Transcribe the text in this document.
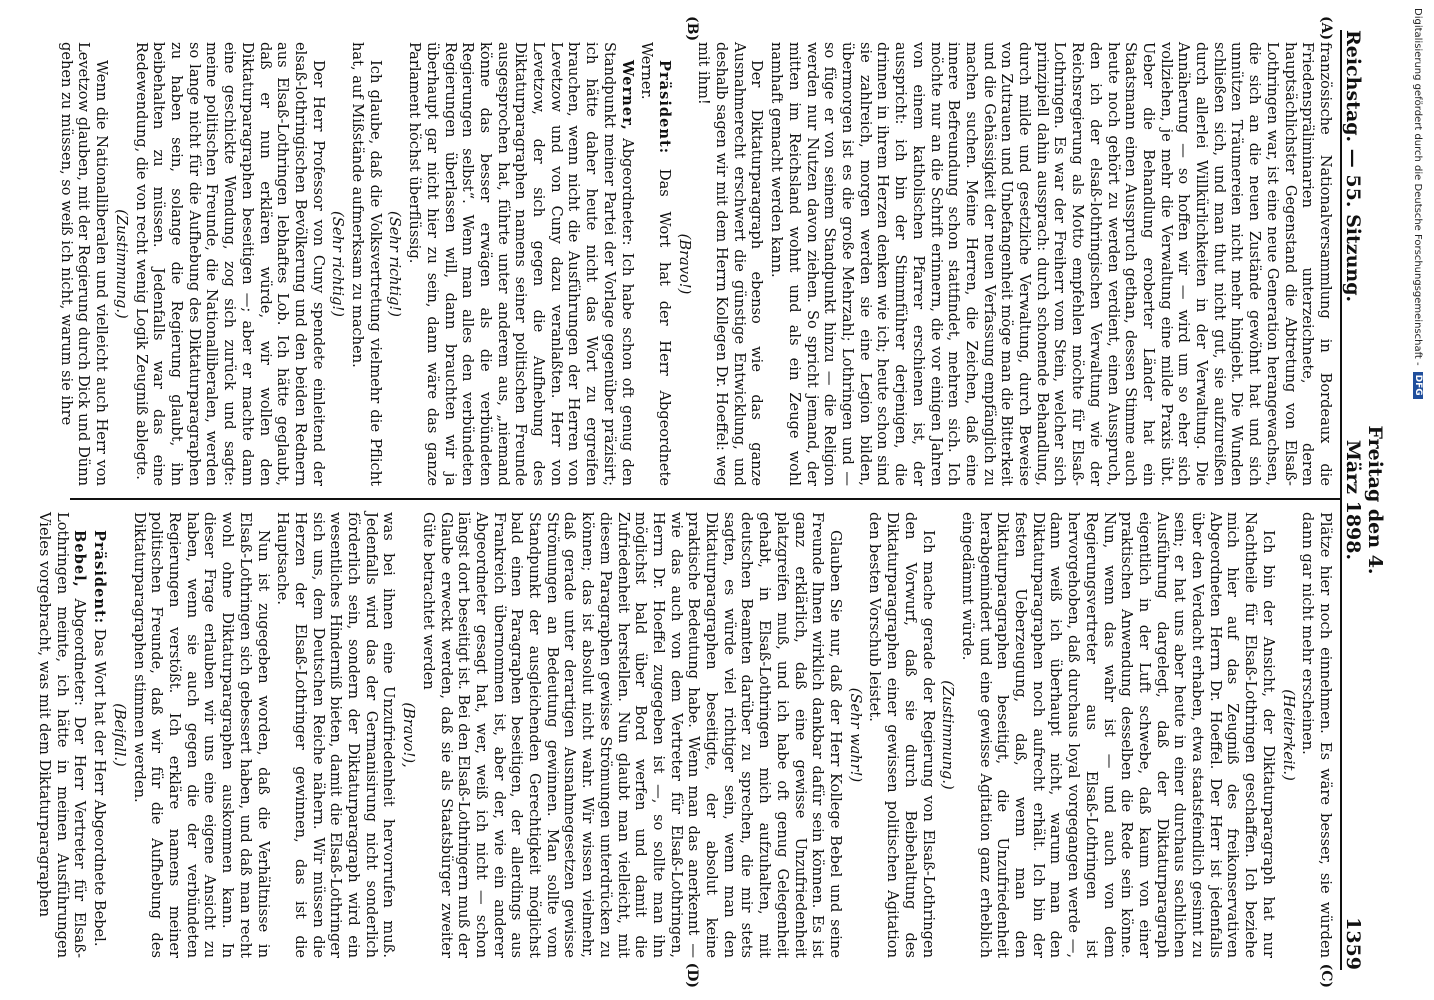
Reichstag. — 55. Sitzung.
Freitag den 4. März 1898.
1359
(A)
(B)

französische Nationalversammlung in Bordeaux die Friedenspräliminarien unterzeichnete, deren hauptsächlichster Gegenstand die Abtretung von Elsaß-Lothringen war, ist eine neue Generation herangewachsen, die sich an die neuen Zustände gewöhnt hat und sich unnützen Träumereien nicht mehr hingiebt. Die Wunden schließen sich, und man thut nicht gut, sie aufzureißen durch allerlei Willkürlichkeiten in der Verwaltung. Die Annäherung — so hoffen wir — wird um so eher sich vollziehen, je mehr die Verwaltung eine milde Praxis übt. Ueber die Behandlung eroberter Länder hat ein Staatsmann einen Ausspruch gethan, dessen Stimme auch heute noch gehört zu werden verdient, einen Ausspruch, den ich der elsaß-lothringischen Verwaltung wie der Reichsregierung als Motto empfehlen möchte für Elsaß-Lothringen. Es war der Freiherr vom Stein, welcher sich prinzipiell dahin aussprach: durch schonende Behandlung, durch milde und gesetzliche Verwaltung, durch Beweise von Zutrauen und Unbefangenheit möge man die Bitterkeit und die Gehässigkeit der neuen Verfassung empfänglich zu machen suchen. Meine Herren, die Zeichen, daß eine innere Befreundung schon stattfindet, mehren sich. Ich möchte nur an die Schrift erinnern, die vor einigen Jahren von einem katholischen Pfarrer erschienen ist, der ausspricht: ich bin der Stimmführer derjenigen, die drinnen in ihrem Herzen denken wie ich; heute schon sind sie zahlreich, morgen werden sie eine Legion bilden, übermorgen ist es die große Mehrzahl; Lothringen und — so füge er von seinem Standpunkt hinzu — die Religion werden nur Nutzen davon ziehen. So spricht jemand, der mitten im Reichsland wohnt und als ein Zeuge wohl namhaft gemacht werden kann.

Der Diktaturparagraph ebenso wie das ganze Ausnahmerecht erschwert die günstige Entwicklung, und deshalb sagen wir mit dem Herrn Kollegen Dr. Hoeffel: weg mit ihm!

(Bravo!)

Präsident: Das Wort hat der Herr Abgeordnete Werner.

Werner, Abgeordneter: Ich habe schon oft genug den Standpunkt meiner Partei der Vorlage gegenüber präzisirt; ich hätte daher heute nicht das Wort zu ergreifen brauchen, wenn nicht die Ausführungen der Herren von Levetzow und von Cuny dazu veranlaßten. Herr von Levetzow, der sich gegen die Aufhebung des Diktaturparagraphen namens seiner politischen Freunde ausgesprochen hat, führte unter anderem aus, „niemand könne das besser erwägen als die verbündeten Regierungen selbst“. Wenn man alles den verbündeten Regierungen überlassen will, dann brauchten wir ja überhaupt gar nicht hier zu sein, dann wäre das ganze Parlament höchst überflüssig.

(Sehr richtig!)

Ich glaube, daß die Volksvertretung vielmehr die Pflicht hat, auf Mißstände aufmerksam zu machen.

(Sehr richtig!)

Der Herr Professor von Cuny spendete einleitend der elsaß-lothringischen Bevölkerung und den beiden Rednern aus Elsaß-Lothringen lebhaftes Lob. Ich hätte geglaubt, daß er nun erklären würde, wir wollen den Diktaturparagraphen beseitigen —; aber er machte dann eine geschickte Wendung, zog sich zurück und sagte: meine politischen Freunde, die Nationalliberalen, werden so lange nicht für die Aufhebung des Diktaturparagraphen zu haben sein, solange die Regierung glaubt, ihn beibehalten zu müssen. Jedenfalls war das eine Redewendung, die von recht wenig Logik Zeugniß ablegte.

(Zustimmung.)

Wenn die Nationalliberalen und vielleicht auch Herr von Levetzow glauben, mit der Regierung durch Dick und Dünn gehen zu müssen, so weiß ich nicht, warum sie ihre

(C)
(D)

Plätze hier noch einnehmen. Es wäre besser, sie würden dann gar nicht mehr erscheinen.

(Heiterkeit.)

Ich bin der Ansicht, der Diktaturparagraph hat nur Nachtheile für Elsaß-Lothringen geschaffen. Ich beziehe mich hier auf das Zeugniß des freikonservativen Abgeordneten Herrn Dr. Hoeffel. Der Herr ist jedenfalls über den Verdacht erhaben, etwa staatsfeindlich gesinnt zu sein; er hat uns aber heute in einer durchaus sachlichen Ausführung dargelegt, daß der Diktaturparagraph eigentlich in der Luft schwebe, daß kaum von einer praktischen Anwendung desselben die Rede sein könne. Nun, wenn das wahr ist — und auch von dem Regierungsvertreter aus Elsaß-Lothringen ist hervorgehoben, daß durchaus loyal vorgegangen werde —, dann weiß ich überhaupt nicht, warum man den Diktaturparagraphen noch aufrecht erhält. Ich bin der festen Ueberzeugung, daß, wenn man den Diktaturparagraphen beseitigt, die Unzufriedenheit herabgemindert und eine gewisse Agitation ganz erheblich eingedämmt würde.

(Zustimmung.)

Ich mache gerade der Regierung von Elsaß-Lothringen den Vorwurf, daß sie durch Beibehaltung des Diktaturparagraphen einer gewissen politischen Agitation den besten Vorschub leistet.

(Sehr wahr!)

Glauben Sie nur, daß der Herr Kollege Bebel und seine Freunde Ihnen wirklich dankbar dafür sein können. Es ist ganz erklärlich, daß eine gewisse Unzufriedenheit platzgreifen muß, und ich habe oft genug Gelegenheit gehabt, in Elsaß-Lothringen mich aufzuhalten, mit deutschen Beamten darüber zu sprechen, die mir stets sagten, es würde viel richtiger sein, wenn man den Diktaturparagraphen beseitigte, der absolut keine praktische Bedeutung habe. Wenn man das anerkennt — wie das auch von dem Vertreter für Elsaß-Lothringen, Herrn Dr. Hoeffel zugegeben ist —, so sollte man ihn möglichst bald über Bord werfen und damit die Zufriedenheit herstellen. Nun glaubt man vielleicht, mit diesem Paragraphen gewisse Strömungen unterdrücken zu können; das ist absolut nicht wahr. Wir wissen vielmehr, daß gerade unter derartigen Ausnahmegesetzen gewisse Strömungen an Bedeutung gewinnen. Man sollte vom Standpunkt der ausgleichenden Gerechtigkeit möglichst bald einen Paragraphen beseitigen, der allerdings aus Frankreich übernommen ist, aber der, wie ein anderer Abgeordneter gesagt hat, wer, weiß ich nicht — schon längst dort beseitigt ist. Bei den Elsaß-Lothringern muß der Glaube erweckt werden, daß sie als Staatsbürger zweiter Güte betrachtet werden

(Bravo!),

was bei ihnen eine Unzufriedenheit hervorrufen muß. Jedenfalls wird das der Germanisirung nicht sonderlich förderlich sein, sondern der Diktaturparagraph wird ein wesentliches Hinderniß bieten, damit die Elsaß-Lothringer sich uns, dem Deutschen Reiche nähern. Wir müssen die Herzen der Elsaß-Lothringer gewinnen, das ist die Hauptsache.

Nun ist zugegeben worden, daß die Verhältnisse in Elsaß-Lothringen sich gebessert haben, und daß man recht wohl ohne Diktaturparagraphen auskommen kann. In dieser Frage erlauben wir uns eine eigene Ansicht zu haben, wenn sie auch gegen die der verbündeten Regierungen verstößt. Ich erkläre namens meiner politischen Freunde, daß wir für die Aufhebung des Diktaturparagraphen stimmen werden.

(Beifall.)

Präsident: Das Wort hat der Herr Abgeordnete Bebel.

Bebel, Abgeordneter: Der Herr Vertreter für Elsaß-Lothringen meinte, ich hätte in meinen Ausführungen Vieles vorgebracht, was mit dem Diktaturparagraphen

Digitalisierung gefördert durch die Deutsche Forschungsgemeinschaft -
DFG
